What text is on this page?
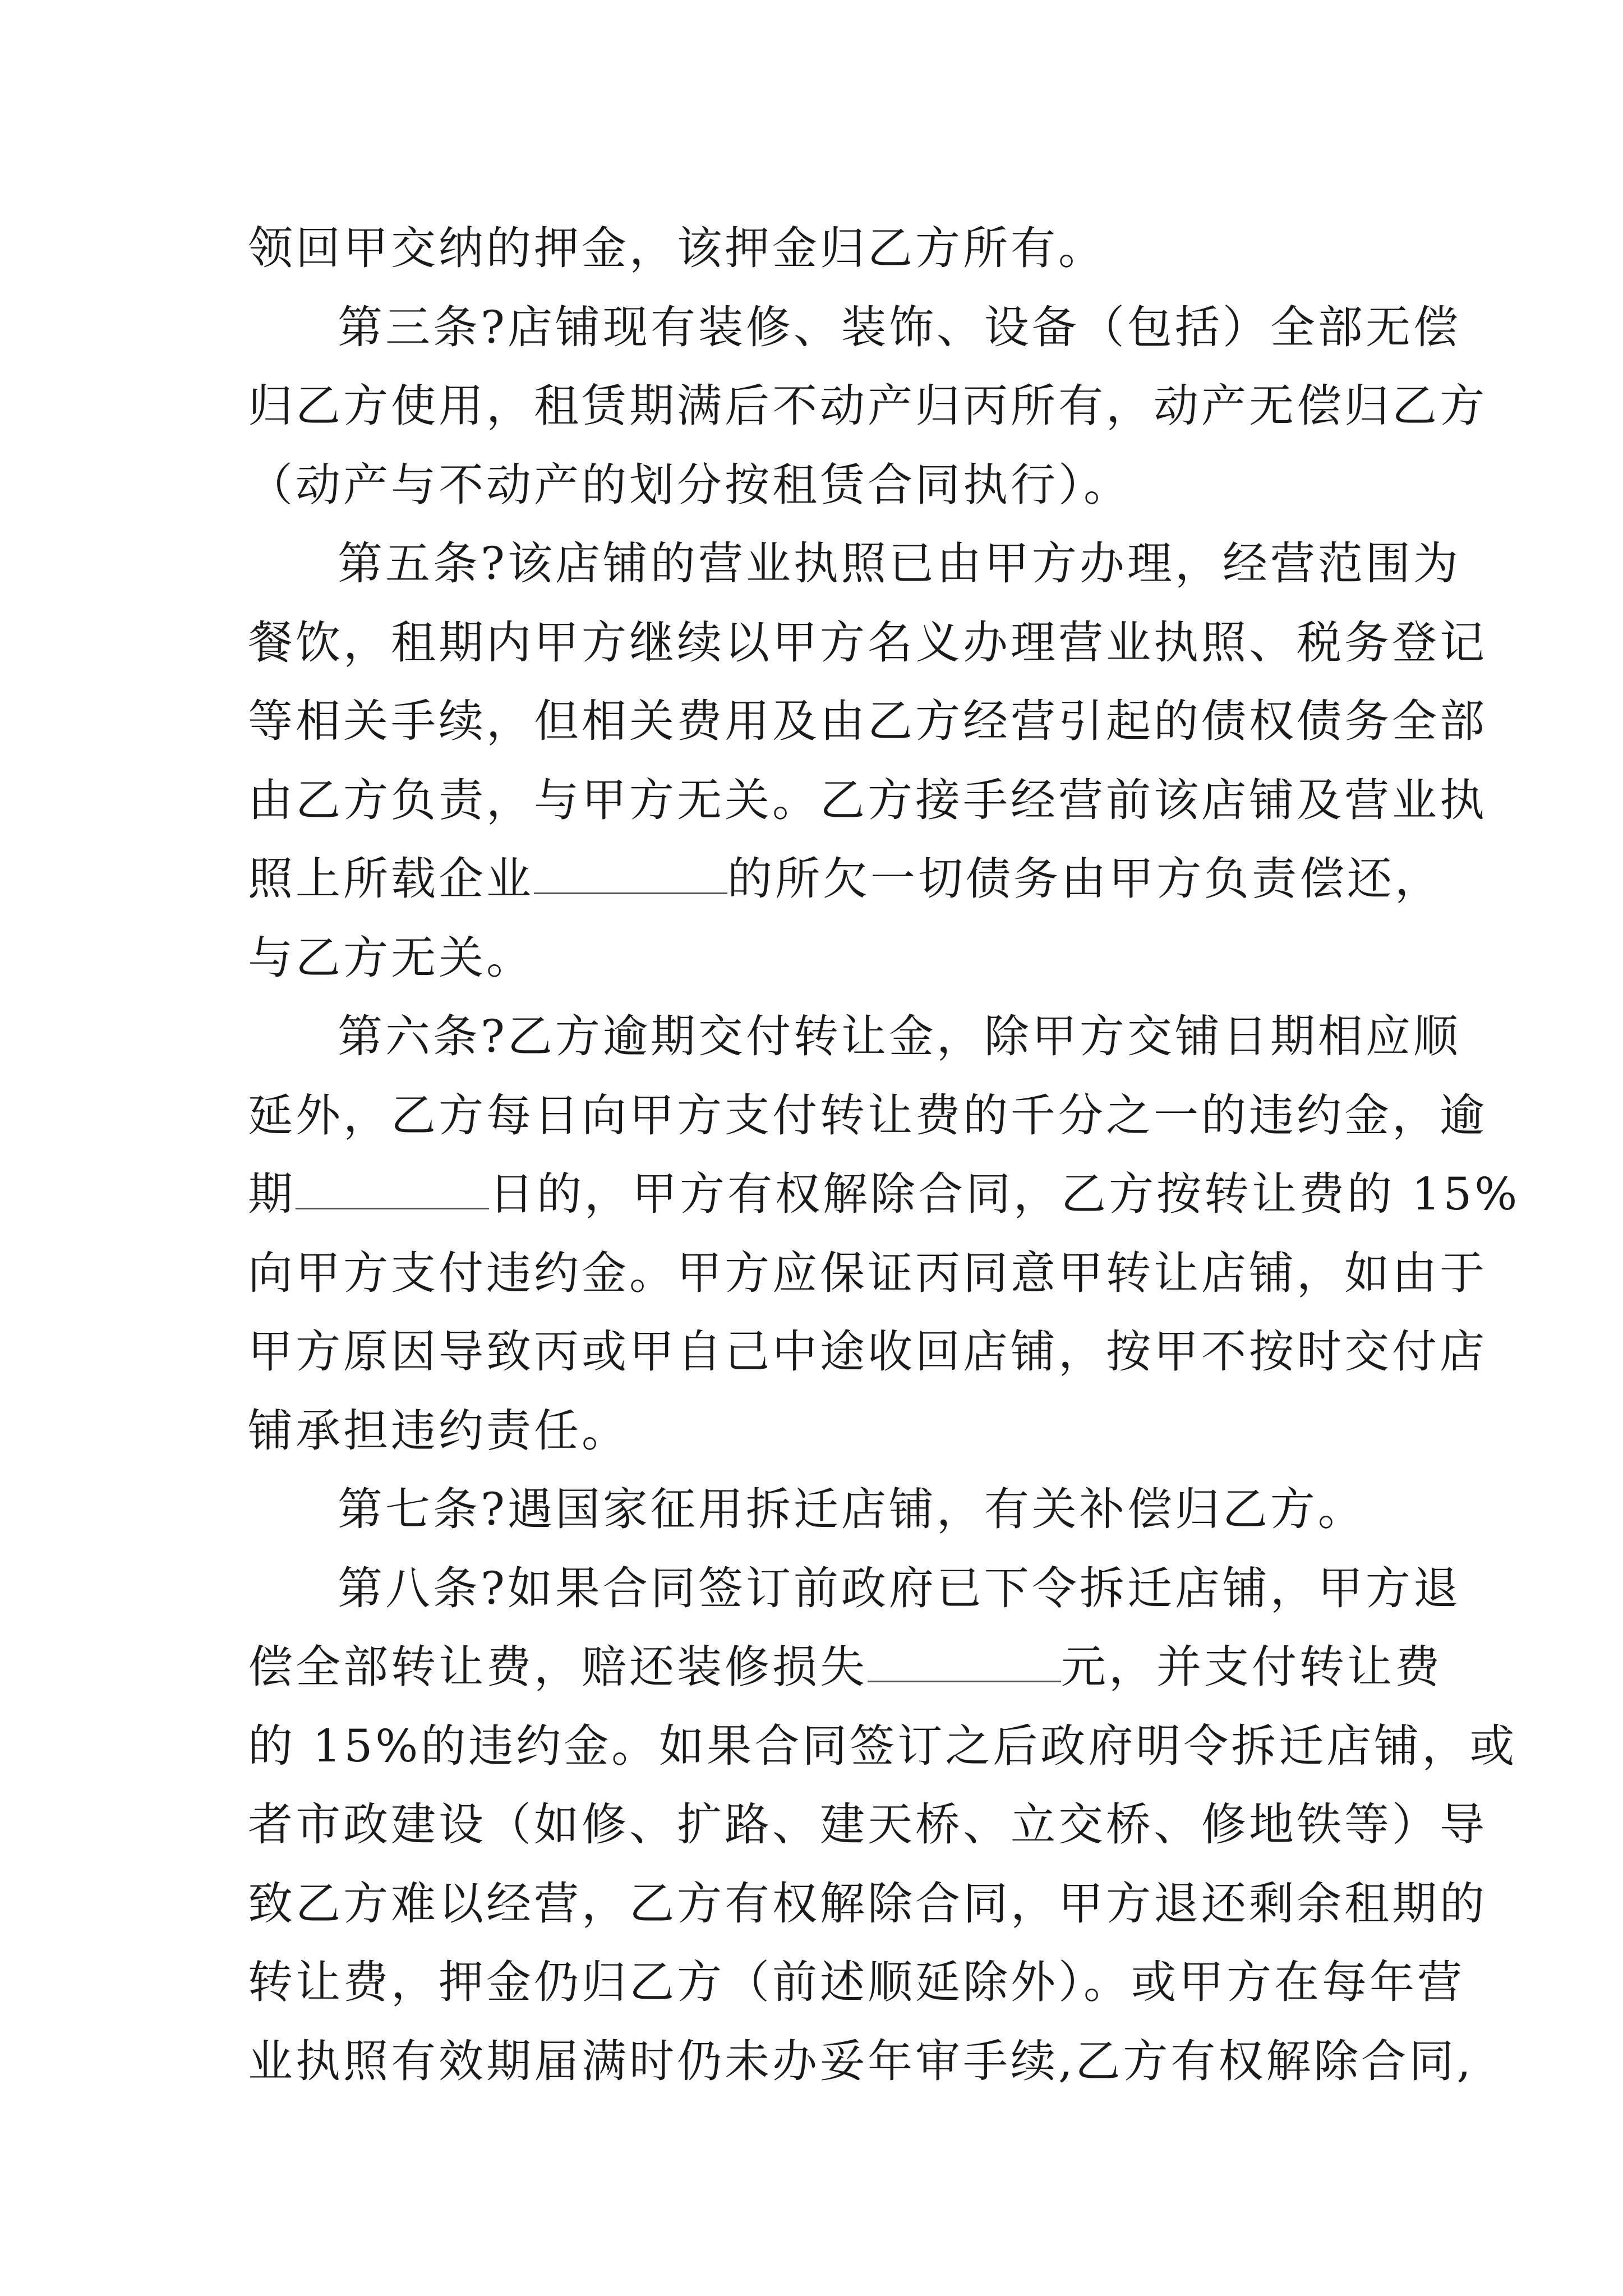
领回甲交纳的押金，该押金归乙方所有。
第三条?店铺现有装修、装饰、设备（包括）全部无偿
归乙方使用，租赁期满后不动产归丙所有，动产无偿归乙方
（动产与不动产的划分按租赁合同执行）。
第五条?该店铺的营业执照已由甲方办理，经营范围为
餐饮，租期内甲方继续以甲方名义办理营业执照、税务登记
等相关手续，但相关费用及由乙方经营引起的债权债务全部
由乙方负责，与甲方无关。乙方接手经营前该店铺及营业执
照上所载企业	的所欠一切债务由甲方负责偿还，
与乙方无关。
第六条?乙方逾期交付转让金，除甲方交铺日期相应顺
延外，乙方每日向甲方支付转让费的千分之一的违约金，逾
期	日的，甲方有权解除合同，乙方按转让费的 15%
向甲方支付违约金。甲方应保证丙同意甲转让店铺，如由于
甲方原因导致丙或甲自己中途收回店铺，按甲不按时交付店
铺承担违约责任。
第七条?遇国家征用拆迁店铺，有关补偿归乙方。
第八条?如果合同签订前政府已下令拆迁店铺，甲方退
偿全部转让费，赔还装修损失	元，并支付转让费
的 15%的违约金。如果合同签订之后政府明令拆迁店铺，或
者市政建设（如修、扩路、建天桥、立交桥、修地铁等）导
致乙方难以经营，乙方有权解除合同，甲方退还剩余租期的
转让费，押金仍归乙方（前述顺延除外）。或甲方在每年营
业执照有效期届满时仍未办妥年审手续,乙方有权解除合同,
